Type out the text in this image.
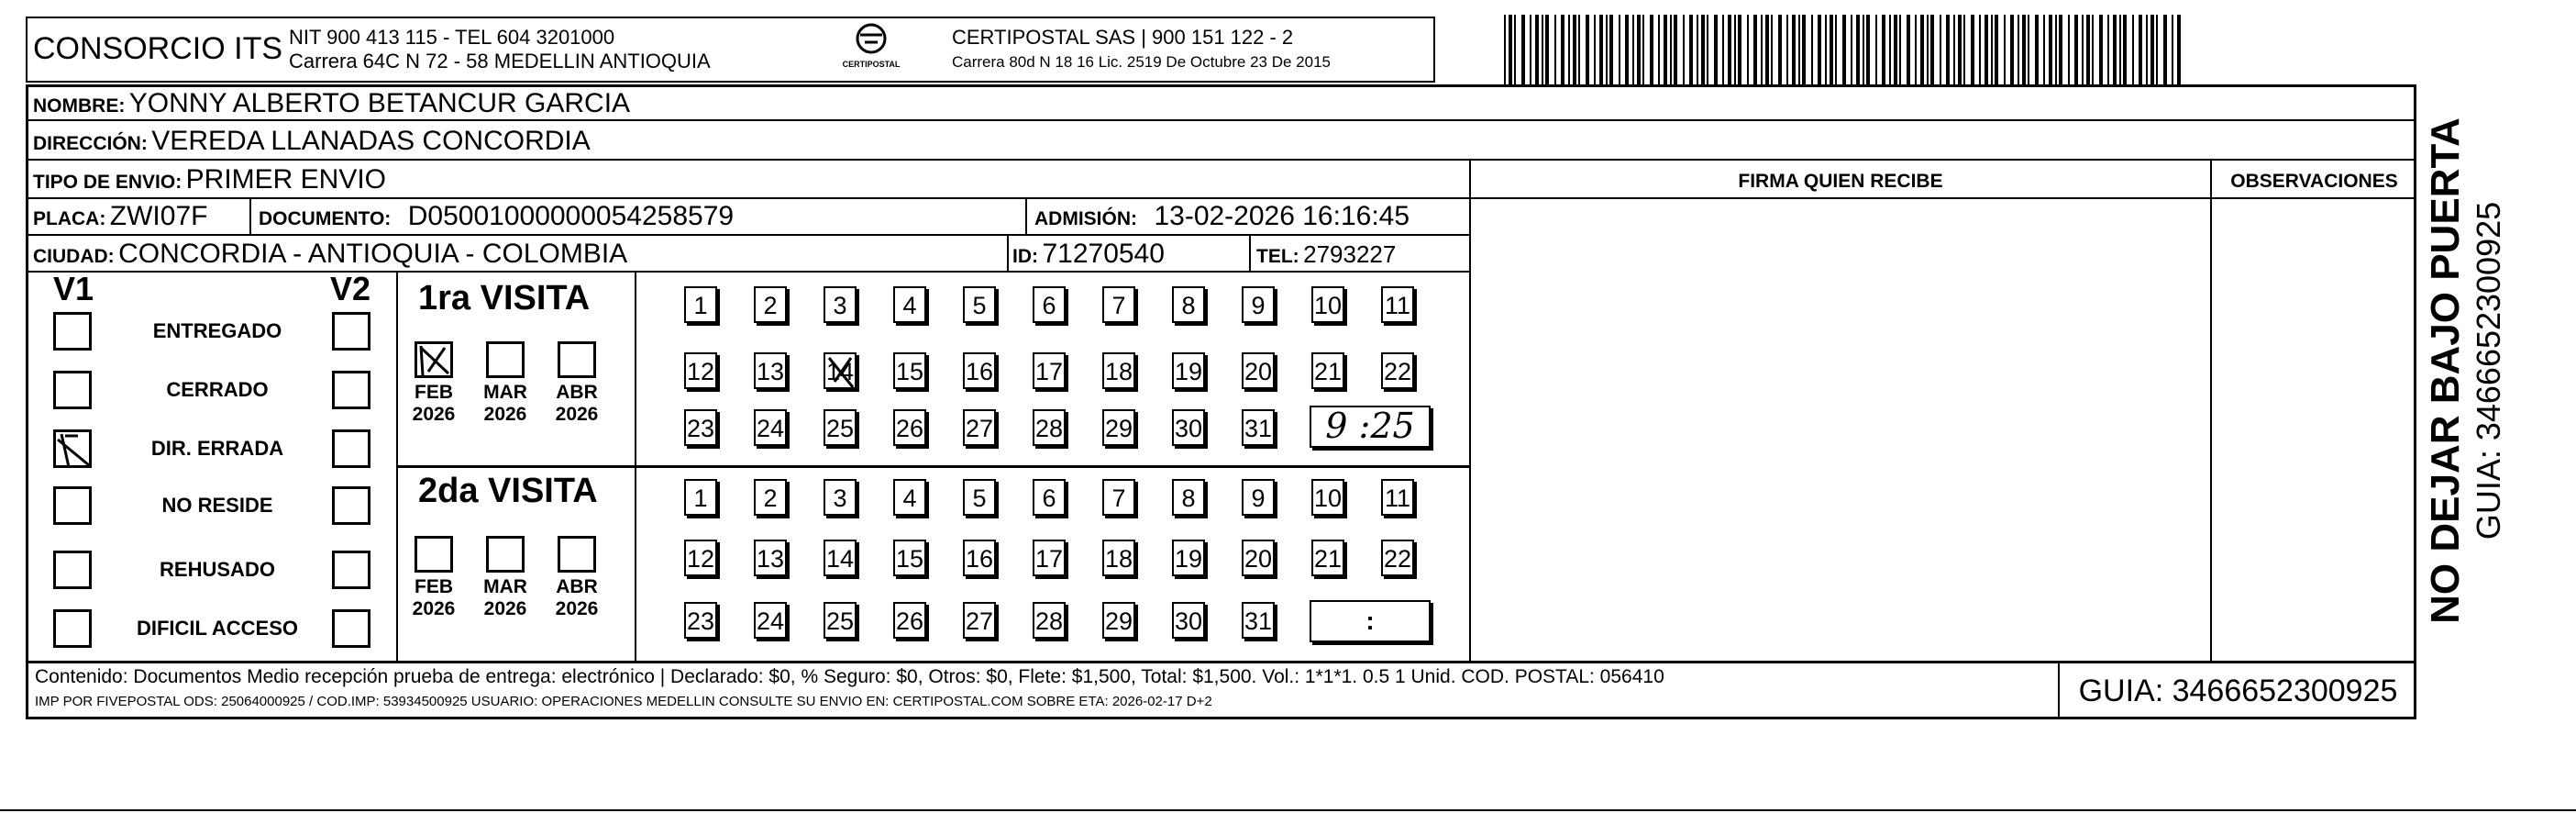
CONSORCIO ITS NIT 900 413 115 - TEL 604 3201000
Carrera 64C N 72 - 58 MEDELLIN ANTIOQUIA	CERTIPOSTAL
CERTIPOSTAL SAS | 900 151 122 - 2
Carrera 80d N 18 16 Lic. 2519 De Octubre 23 De 2015
NOMBRE: YONNY ALBERTO BETANCUR GARCIA
DIRECCIÓN: VEREDA LLANADAS CONCORDIA
TIPO DE ENVIO: PRIMER ENVIO	FIRMA QUIEN RECIBE	OBSERVACIONES
PLACA: ZWI07F	DOCUMENTO: D05001000000054258579	ADMISIÓN: 13-02-2026 16:16:45
CIUDAD: CONCORDIA - ANTIOQUIA - COLOMBIA	ID: 71270540	TEL: 2793227
V1	V2
ENTREGADO
CERRADO
DIR. ERRADA
NO RESIDE
REHUSADO
DIFICIL ACCESO
1ra VISITA
2da VISITA
FEB
2026
MAR
2026
ABR
2026
FEB
2026
MAR
2026
ABR
2026
1	2	3	4	5	6	7	8	9	10 11
12 13 14 15 16 17 18 19 20 21 22
23 24 25 26 27 28 29 30 31
1	2	3	4	5	6	7	8	9	10 11
12 13 14 15 16 17 18 19 20 21 22
23 24 25 26 27 28 29 30 31
9 :25
:
Contenido: Documentos Medio recepción prueba de entrega: electrónico | Declarado: $0, % Seguro: $0, Otros: $0, Flete: $1,500, Total: $1,500. Vol.: 1*1*1. 0.5 1 Unid. COD. POSTAL: 056410
IMP POR FIVEPOSTAL ODS: 25064000925 / COD.IMP: 53934500925 USUARIO: OPERACIONES MEDELLIN CONSULTE SU ENVIO EN: CERTIPOSTAL.COM SOBRE ETA: 2026-02-17 D+2	GUIA: 3466652300925
NO DEJAR BAJO PUERTA GUIA: 3466652300925
